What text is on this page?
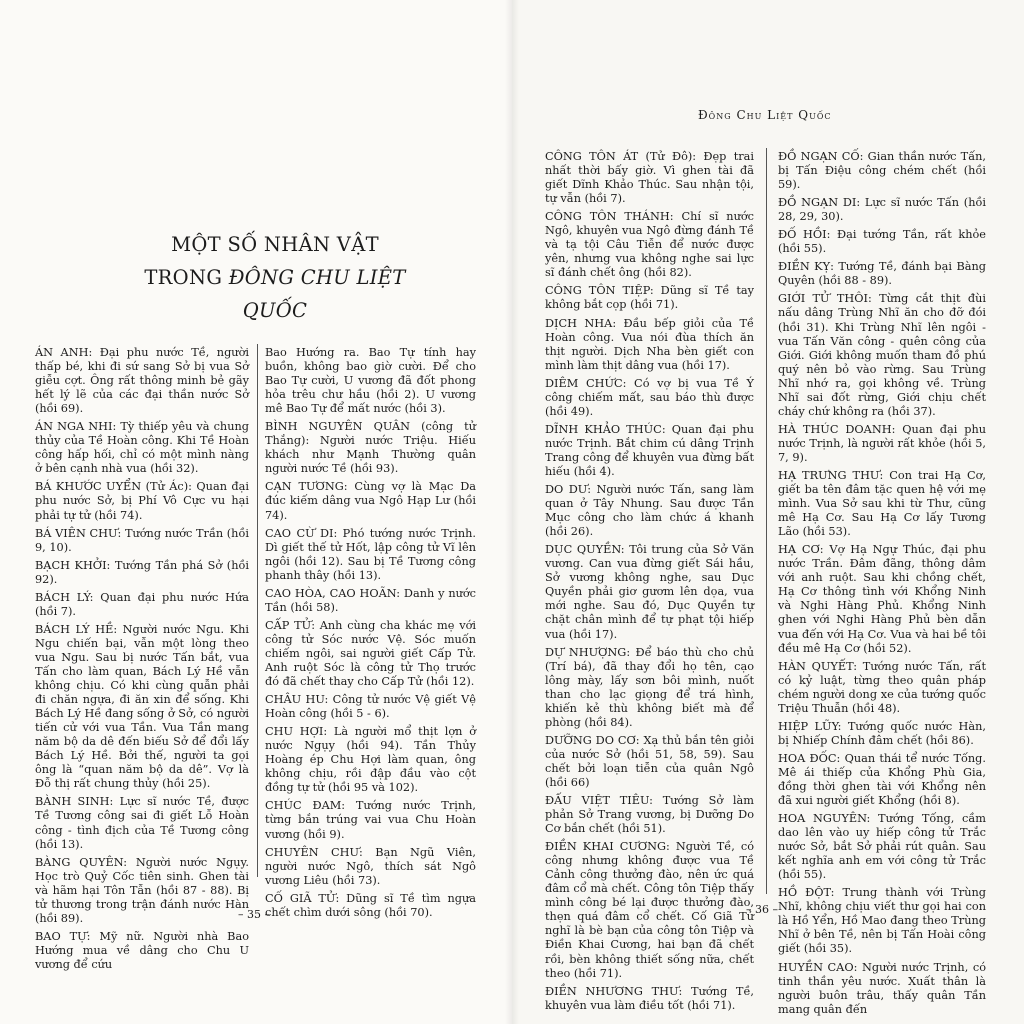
Đông Chu Liệt Quốc
MỘT SỐ NHÂN VẬT
TRONG ĐÔNG CHU LIỆT QUỐC

ÁN ANH: Đại phu nước Tề, người thấp bé, khi đi sứ sang Sở bị vua Sở giễu cợt. Ông rất thông minh bẻ gãy hết lý lẽ của các đại thần nước Sở (hồi 69).

ÁN NGA NHI: Tỳ thiếp yêu và chung thủy của Tề Hoàn công. Khi Tề Hoàn công hấp hối, chỉ có một mình nàng ở bên cạnh nhà vua (hồi 32).

BÁ KHƯỚC UYỂN (Tử Ác): Quan đại phu nước Sở, bị Phí Vô Cực vu hại phải tự tử (hồi 74).

BÁ VIÊN CHƯ: Tướng nước Trần (hồi 9, 10).

BẠCH KHỞI: Tướng Tần phá Sở (hồi 92).

BÁCH LÝ: Quan đại phu nước Hứa (hồi 7).

BÁCH LÝ HỀ: Người nước Ngu. Khi Ngu chiến bại, vẫn một lòng theo vua Ngu. Sau bị nước Tấn bắt, vua Tấn cho làm quan, Bách Lý Hề vẫn không chịu. Có khi cùng quẫn phải đi chăn ngựa, đi ăn xin để sống. Khi Bách Lý Hề đang sống ở Sở, có người tiến cử với vua Tần. Vua Tần mang năm bộ da dê đến biếu Sở để đổi lấy Bách Lý Hề. Bởi thế, người ta gọi ông là “quan năm bộ da dê”. Vợ là Đỗ thị rất chung thủy (hồi 25).

BÀNH SINH: Lực sĩ nước Tề, được Tề Tương công sai đi giết Lỗ Hoàn công - tình địch của Tề Tương công (hồi 13).

BÀNG QUYÊN: Người nước Ngụy. Học trò Quỷ Cốc tiên sinh. Ghen tài và hãm hại Tôn Tẫn (hồi 87 - 88). Bị tử thương trong trận đánh nước Hàn (hồi 89).

BAO TỰ: Mỹ nữ. Người nhà Bao Hướng mua về dâng cho Chu U vương để cứu

Bao Hướng ra. Bao Tự tính hay buồn, không bao giờ cười. Để cho Bao Tự cười, U vương đã đốt phong hỏa trêu chư hầu (hồi 2). U vương mê Bao Tự để mất nước (hồi 3).

BÌNH NGUYÊN QUÂN (công tử Thắng): Người nước Triệu. Hiếu khách như Mạnh Thường quân người nước Tề (hồi 93).

CẠN TƯƠNG: Cùng vợ là Mạc Da đúc kiếm dâng vua Ngô Hạp Lư (hồi 74).

CAO CỪ DI: Phó tướng nước Trịnh. Dì giết thế tử Hốt, lập công tử Vĩ lên ngôi (hồi 12). Sau bị Tề Tương công phanh thây (hồi 13).

CAO HÒA, CAO HOÃN: Danh y nước Tần (hồi 58).

CẤP TỬ: Anh cùng cha khác mẹ với công tử Sóc nước Vệ. Sóc muốn chiếm ngôi, sai người giết Cấp Tử. Anh ruột Sóc là công tử Thọ trước đó đã chết thay cho Cấp Tử (hồi 12).

CHÂU HU: Công tử nước Vệ giết Vệ Hoàn công (hồi 5 - 6).

CHU HỢI: Là người mổ thịt lợn ở nước Ngụy (hồi 94). Tần Thủy Hoàng ép Chu Hợi làm quan, ông không chịu, rồi đập đầu vào cột đồng tự tử (hồi 95 và 102).

CHÚC ĐAM: Tướng nước Trịnh, từng bắn trúng vai vua Chu Hoàn vương (hồi 9).

CHUYÊN CHƯ: Bạn Ngũ Viên, người nước Ngô, thích sát Ngô vương Liêu (hồi 73).

CỐ GIÃ TỬ: Dũng sĩ Tề tìm ngựa chết chìm dưới sông (hồi 70).

CÔNG TÔN ÁT (Tử Đô): Đẹp trai nhất thời bấy giờ. Vì ghen tài đã giết Dĩnh Khảo Thúc. Sau nhận tội, tự vẫn (hồi 7).

CÔNG TÔN THÁNH: Chí sĩ nước Ngô, khuyên vua Ngô đừng đánh Tề và tạ tội Câu Tiễn để nước được yên, nhưng vua không nghe sai lực sĩ đánh chết ông (hồi 82).

CÔNG TÔN TIỆP: Dũng sĩ Tề tay không bắt cọp (hồi 71).

DỊCH NHA: Đầu bếp giỏi của Tề Hoàn công. Vua nói đùa thích ăn thịt người. Dịch Nha bèn giết con mình làm thịt dâng vua (hồi 17).

DIÊM CHỨC: Có vợ bị vua Tề Ý công chiếm mất, sau báo thù được (hồi 49).

DĨNH KHẢO THÚC: Quan đại phu nước Trịnh. Bắt chim cú dâng Trịnh Trang công để khuyên vua đừng bất hiếu (hồi 4).

DO DƯ: Người nước Tấn, sang làm quan ở Tây Nhung. Sau được Tần Mục công cho làm chức á khanh (hồi 26).

DỤC QUYỀN: Tôi trung của Sở Văn vương. Can vua đừng giết Sái hầu, Sở vương không nghe, sau Dục Quyền phải giơ gươm lên dọa, vua mới nghe. Sau đó, Dục Quyền tự chặt chân mình để tự phạt tội hiếp vua (hồi 17).

DỰ NHƯỢNG: Để báo thù cho chủ (Trí bá), đã thay đổi họ tên, cạo lông mày, lấy sơn bôi mình, nuốt than cho lạc giọng để trá hình, khiến kẻ thù không biết mà để phòng (hồi 84).

DƯỠNG DO CƠ: Xạ thủ bắn tên giỏi của nước Sở (hồi 51, 58, 59). Sau chết bởi loạn tiễn của quân Ngô (hồi 66)

ĐẤU VIỆT TIÊU: Tướng Sở làm phản Sở Trang vương, bị Dưỡng Do Cơ bắn chết (hồi 51).

ĐIỀN KHAI CƯƠNG: Người Tề, có công nhưng không được vua Tề Cảnh công thưởng đào, nên ức quá đâm cổ mà chết. Công tôn Tiệp thấy mình công bé lại được thưởng đào, thẹn quá đâm cổ chết. Cố Giã Tử nghĩ là bè bạn của công tôn Tiệp và Điền Khai Cương, hai bạn đã chết rồi, bèn không thiết sống nữa, chết theo (hồi 71).

ĐIỀN NHƯƠNG THƯ: Tướng Tề, khuyên vua làm điều tốt (hồi 71).

ĐỒ NGẠN CỐ: Gian thần nước Tấn, bị Tấn Điệu công chém chết (hồi 59).

ĐỒ NGẠN DI: Lực sĩ nước Tấn (hồi 28, 29, 30).

ĐỐ HỒI: Đại tướng Tần, rất khỏe (hồi 55).

ĐIỀN KỴ: Tướng Tề, đánh bại Bàng Quyên (hồi 88 - 89).

GIỚI TỬ THÔI: Từng cắt thịt đùi nấu dâng Trùng Nhĩ ăn cho đỡ đói (hồi 31). Khi Trùng Nhĩ lên ngôi - vua Tấn Văn công - quên công của Giới. Giới không muốn tham đồ phú quý nên bỏ vào rừng. Sau Trùng Nhĩ nhớ ra, gọi không về. Trùng Nhĩ sai đốt rừng, Giới chịu chết cháy chứ không ra (hồi 37).

HÀ THÚC DOANH: Quan đại phu nước Trịnh, là người rất khỏe (hồi 5, 7, 9).

HẠ TRƯNG THƯ: Con trai Hạ Cơ, giết ba tên đâm tặc quen hệ với mẹ mình. Vua Sở sau khi từ Thư, cũng mê Hạ Cơ. Sau Hạ Cơ lấy Tương Lão (hồi 53).

HẠ CƠ: Vợ Hạ Ngự Thúc, đại phu nước Trần. Đâm đãng, thông dâm với anh ruột. Sau khi chồng chết, Hạ Cơ thông tình với Khổng Ninh và Nghi Hàng Phủ. Khổng Ninh ghen với Nghi Hàng Phủ bèn dẫn vua đến với Hạ Cơ. Vua và hai bề tôi đều mê Hạ Cơ (hồi 52).

HÀN QUYẾT: Tướng nước Tấn, rất có kỷ luật, từng theo quân pháp chém người dong xe của tướng quốc Triệu Thuẫn (hồi 48).

HIỆP LŨY: Tướng quốc nước Hàn, bị Nhiếp Chính đâm chết (hồi 86).

HOA ĐỐC: Quan thái tể nước Tống. Mê ái thiếp của Khổng Phù Gia, đồng thời ghen tài với Khổng nên đã xui người giết Khổng (hồi 8).

HOA NGUYÊN: Tướng Tống, cầm dao lên vào uy hiếp công tử Trắc nước Sở, bắt Sở phải rút quân. Sau kết nghĩa anh em với công tử Trắc (hồi 55).

HỒ ĐỘT: Trung thành với Trùng Nhĩ, không chịu viết thư gọi hai con là Hồ Yển, Hồ Mao đang theo Trùng Nhĩ ở bên Tề, nên bị Tấn Hoài công giết (hồi 35).

HUYỀN CAO: Người nước Trịnh, có tinh thần yêu nước. Xuất thân là người buôn trâu, thấy quân Tần mang quân đến

– 35 –	– 36 –
